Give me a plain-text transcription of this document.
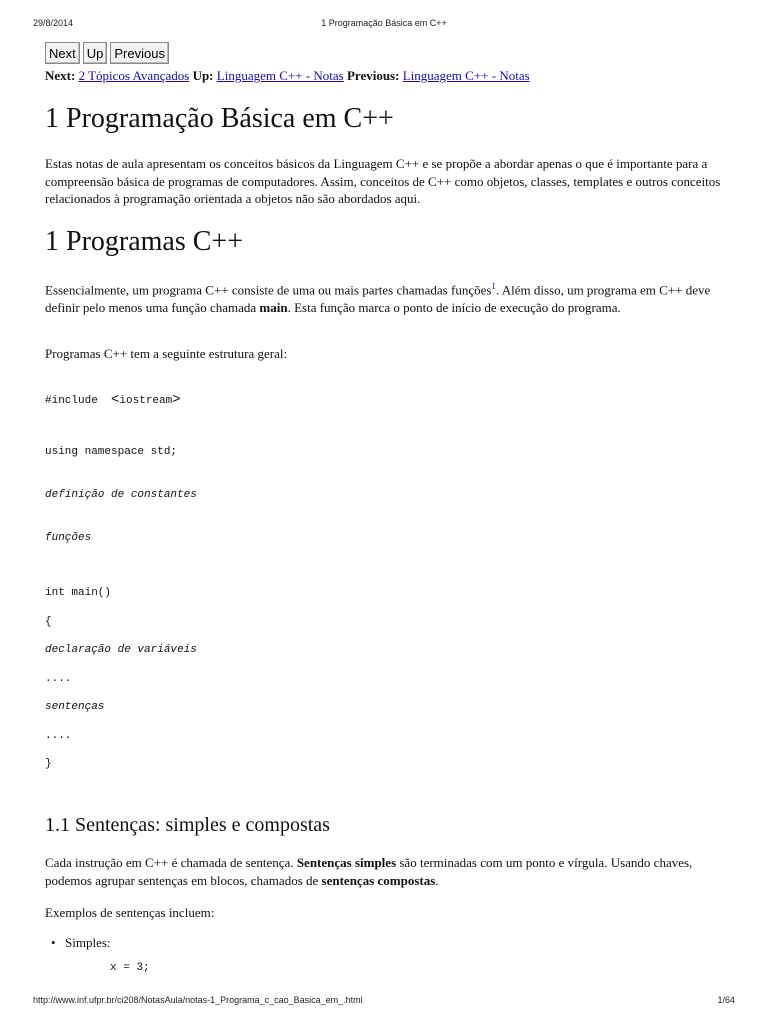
29/8/2014	1 Programação Básica em C++
Next Up Previous
Next: 2 Tópicos Avançados Up: Linguagem C++ - Notas Previous: Linguagem C++ - Notas
1 Programação Básica em C++

Estas notas de aula apresentam os conceitos básicos da Linguagem C++ e se propõe a abordar apenas o que é importante para a compreensão básica de programas de computadores. Assim, conceitos de C++ como objetos, classes, templates e outros conceitos relacionados à programação orientada a objetos não são abordados aqui.

1 Programas C++

Essencialmente, um programa C++ consiste de uma ou mais partes chamadas funções$^1$. Além disso, um programa em C++ deve definir pelo menos uma função chamada main. Esta função marca o ponto de início de execução do programa.

Programas C++ tem a seguinte estrutura geral:

#include <iostream>
using namespace std;
definição de constantes
funções
int main()
{
declaração de variáveis
....
sentenças
....
}
1.1 Sentenças: simples e compostas

Cada instrução em C++ é chamada de sentença. Sentenças simples são terminadas com um ponto e vírgula. Usando chaves, podemos agrupar sentenças em blocos, chamados de sentenças compostas.

Exemplos de sentenças incluem:

• Simples:
x = 3;
http://www.inf.ufpr.br/ci208/NotasAula/notas-1_Programa_c_cao_Basica_em_.html	1/64
